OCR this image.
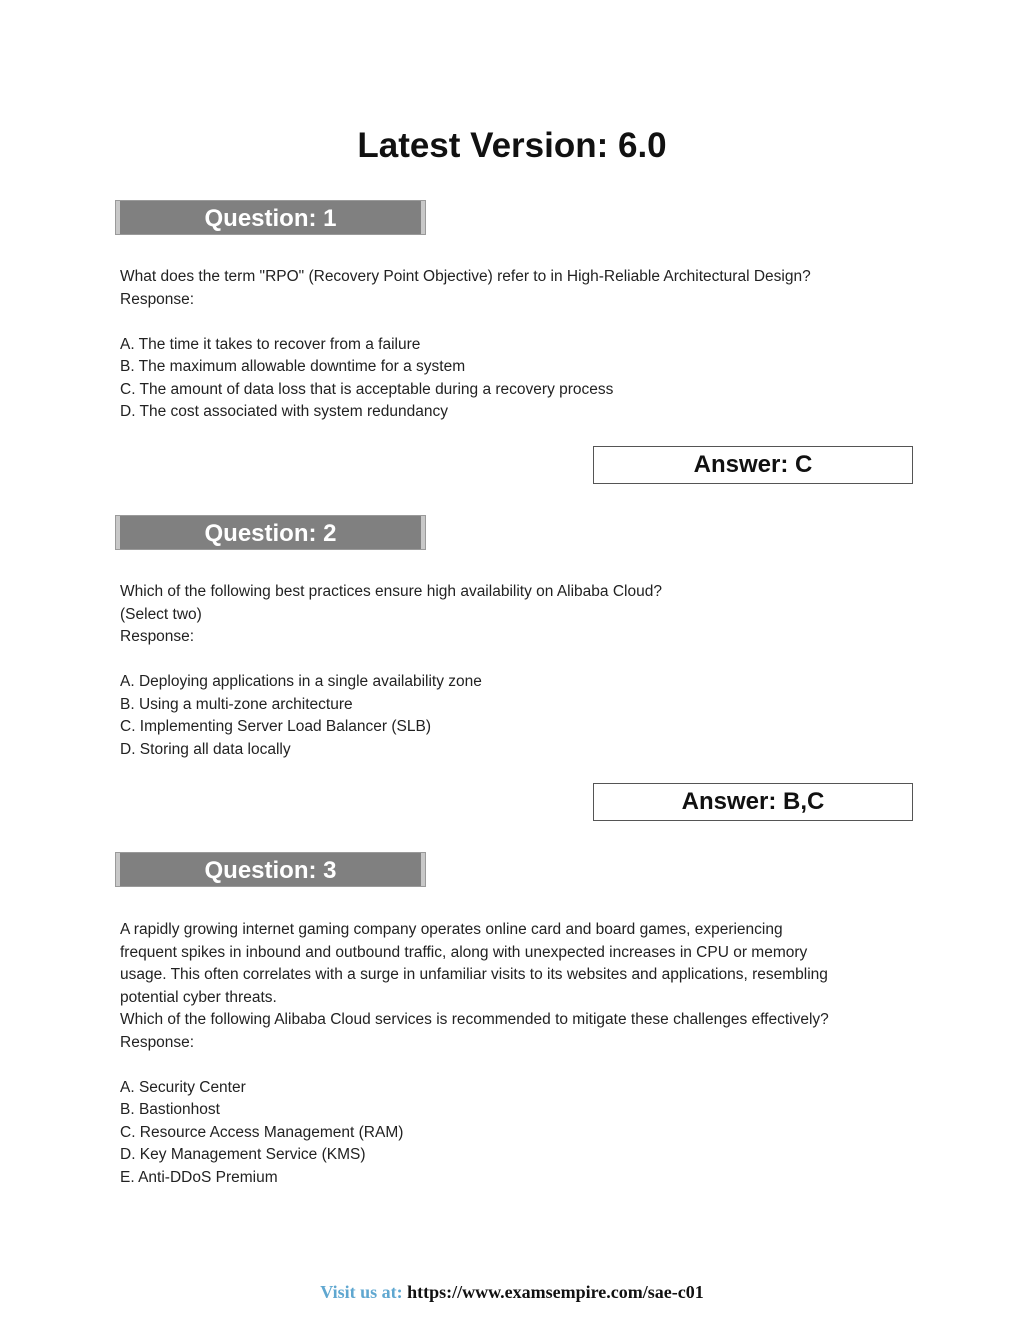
Latest Version: 6.0
Question: 1

What does the term "RPO" (Recovery Point Objective) refer to in High-Reliable Architectural Design?

Response:

A. The time it takes to recover from a failure

B. The maximum allowable downtime for a system

C. The amount of data loss that is acceptable during a recovery process

D. The cost associated with system redundancy

Answer: C
Question: 2

Which of the following best practices ensure high availability on Alibaba Cloud?

(Select two)

Response:

A. Deploying applications in a single availability zone

B. Using a multi-zone architecture

C. Implementing Server Load Balancer (SLB)

D. Storing all data locally

Answer: B,C
Question: 3

A rapidly growing internet gaming company operates online card and board games, experiencing

frequent spikes in inbound and outbound traffic, along with unexpected increases in CPU or memory

usage. This often correlates with a surge in unfamiliar visits to its websites and applications, resembling

potential cyber threats.

Which of the following Alibaba Cloud services is recommended to mitigate these challenges effectively?

Response:

A. Security Center

B. Bastionhost

C. Resource Access Management (RAM)

D. Key Management Service (KMS)

E. Anti-DDoS Premium

Visit us at: https://www.examsempire.com/sae-c01
